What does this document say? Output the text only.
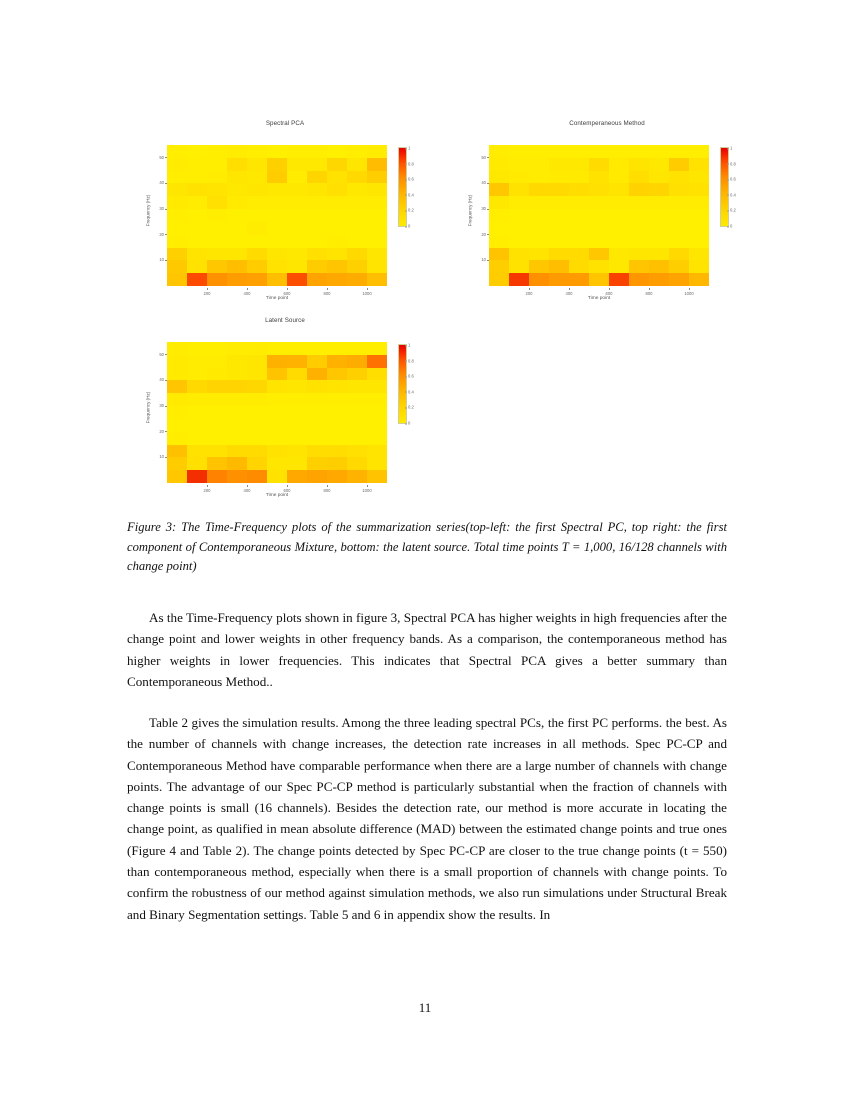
Spectral PCA
Frequency (Hz)
Time point
50
40
30
20
10
200	400	600	800	1000
1
0.8
0.6
0.4
0.2
0
Contemperaneous Method
Frequency (Hz)
Time point
50
40
30
20
10
200	400	600	800	1000
1
0.8
0.6
0.4
0.2
0
Latent Source
Frequency (Hz)
Time point
50
40
30
20
10
200	400	600	800	1000
1
0.8
0.6
0.4
0.2
0
Figure 3: The Time-Frequency plots of the summarization series(top-left: the first Spectral PC, top right: the first component of Contemporaneous Mixture, bottom: the latent source. Total time points T = 1,000, 16/128 channels with change point)
As the Time-Frequency plots shown in figure 3, Spectral PCA has higher weights in high frequencies after the change point and lower weights in other frequency bands. As a comparison, the contemporaneous method has higher weights in lower frequencies. This indicates that Spectral PCA gives a better summary than Contemporaneous Method..
Table 2 gives the simulation results. Among the three leading spectral PCs, the first PC performs. the best. As the number of channels with change increases, the detection rate increases in all methods. Spec PC-CP and Contemporaneous Method have comparable performance when there are a large number of channels with change points. The advantage of our Spec PC-CP method is particularly substantial when the fraction of channels with change points is small (16 channels). Besides the detection rate, our method is more accurate in locating the change point, as qualified in mean absolute difference (MAD) between the estimated change points and true ones (Figure 4 and Table 2). The change points detected by Spec PC-CP are closer to the true change points (t = 550) than contemporaneous method, especially when there is a small proportion of channels with change points. To confirm the robustness of our method against simulation methods, we also run simulations under Structural Break and Binary Segmentation settings. Table 5 and 6 in appendix show the results. In
11
